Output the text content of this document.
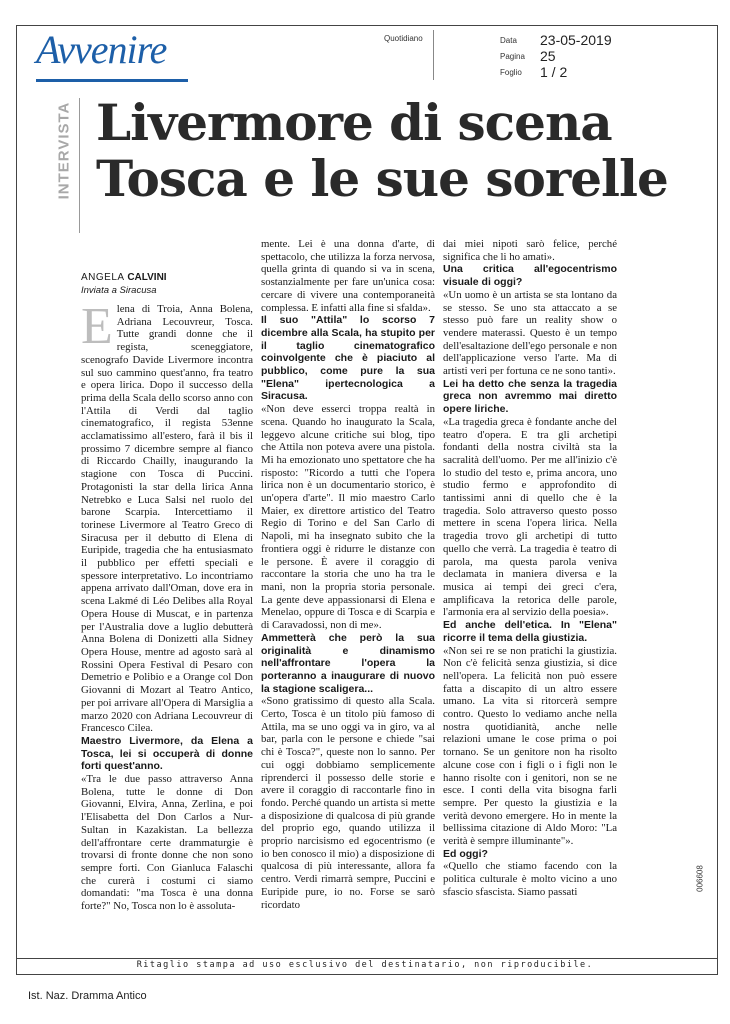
Avvenire	Quotidiano	Data 23-05-2019
Pagina 25
Foglio 1 / 2
INTERVISTA Livermore di scena
Tosca e le sue sorelle
ANGELA CALVINI
Inviata a Siracusa
E lena di Troia, Anna Bolena, Adriana Lecouvreur, Tosca. Tutte grandi donne che il regista, sceneggiatore, scenografo Davide Livermore incontra sul suo cammino quest'anno, fra teatro e opera lirica. Dopo il successo della prima della Scala dello scorso anno con l'Attila di Verdi dal taglio cinematografico, il regista 53enne acclamatissimo all'estero, farà il bis il prossimo 7 dicembre sempre al fianco di Riccardo Chailly, inaugurando la stagione con Tosca di Puccini. Protagonisti la star della lirica Anna Netrebko e Luca Salsi nel ruolo del barone Scarpia. Intercettiamo il torinese Livermore al Teatro Greco di Siracusa per il debutto di Elena di Euripide, tragedia che ha entusiasmato il pubblico per effetti speciali e spessore interpretativo. Lo incontriamo appena arrivato dall'Oman, dove era in scena Lakmé di Léo Delibes alla Royal Opera House di Muscat, e in partenza per l'Australia dove a luglio debutterà Anna Bolena di Donizetti alla Sidney Opera House, mentre ad agosto sarà al Rossini Opera Festival di Pesaro con Demetrio e Polibio e a Orange col Don Giovanni di Mozart al Teatro Antico, per poi arrivare all'Opera di Marsiglia a marzo 2020 con Adriana Lecouvreur di Francesco Cilea.

Maestro Livermore, da Elena a Tosca, lei si occuperà di donne forti quest'anno.

«Tra le due passo attraverso Anna Bolena, tutte le donne di Don Giovanni, Elvira, Anna, Zerlina, e poi l'Elisabetta del Don Carlos a Nur-Sultan in Kazakistan. La bellezza dell'affrontare certe drammaturgie è trovarsi di fronte donne che non sono sempre forti. Con Gianluca Falaschi che curerà i costumi ci siamo domandati: "ma Tosca è una donna forte?" No, Tosca non lo è assoluta-

mente. Lei è una donna d'arte, di spettacolo, che utilizza la forza nervosa, quella grinta di quando si va in scena, sostanzialmente per fare un'unica cosa: cercare di vivere una contemporaneità complessa. E infatti alla fine si sfalda».

Il suo "Attila" lo scorso 7 dicembre alla Scala, ha stupito per il taglio cinematografico coinvolgente che è piaciuto al pubblico, come pure la sua "Elena" ipertecnologica a Siracusa.

«Non deve esserci troppa realtà in scena. Quando ho inaugurato la Scala, leggevo alcune critiche sui blog, tipo che Attila non poteva avere una pistola. Mi ha emozionato uno spettatore che ha risposto: "Ricordo a tutti che l'opera lirica non è un documentario storico, è un'opera d'arte". Il mio maestro Carlo Maier, ex direttore artistico del Teatro Regio di Torino e del San Carlo di Napoli, mi ha insegnato subito che la frontiera oggi è ridurre le distanze con le persone. È avere il coraggio di raccontare la storia che uno ha tra le mani, non la propria storia personale. La gente deve appassionarsi di Elena e Menelao, oppure di Tosca e di Scarpia e di Caravadossi, non di me».

Ammetterà che però la sua originalità e dinamismo nell'affrontare l'opera la porteranno a inaugurare di nuovo la stagione scaligera...

«Sono gratissimo di questo alla Scala. Certo, Tosca è un titolo più famoso di Attila, ma se uno oggi va in giro, va al bar, parla con le persone e chiede "sai chi è Tosca?", queste non lo sanno. Per cui oggi dobbiamo semplicemente riprenderci il possesso delle storie e avere il coraggio di raccontarle fino in fondo. Perché quando un artista si mette a disposizione di qualcosa di più grande del proprio ego, quando utilizza il proprio narcisismo ed egocentrismo (e io ben conosco il mio) a disposizione di qualcosa di più interessante, allora fa centro. Verdi rimarrà sempre, Puccini e Euripide pure, io no. Forse se sarò ricordato

dai miei nipoti sarò felice, perché significa che li ho amati».

Una critica all'egocentrismo visuale di oggi?

«Un uomo è un artista se sta lontano da se stesso. Se uno sta attaccato a se stesso può fare un reality show o vendere materassi. Questo è un tempo dell'esaltazione dell'ego personale e non dell'applicazione verso l'arte. Ma di artisti veri per fortuna ce ne sono tanti».

Lei ha detto che senza la tragedia greca non avremmo mai diretto opere liriche.

«La tragedia greca è fondante anche del teatro d'opera. E tra gli archetipi fondanti della nostra civiltà sta la sacralità dell'uomo. Per me all'inizio c'è lo studio del testo e, prima ancora, uno studio fermo e approfondito di tantissimi anni di quello che è la tragedia. Solo attraverso questo posso mettere in scena l'opera lirica. Nella tragedia trovo gli archetipi di tutto quello che verrà. La tragedia è teatro di parola, ma questa parola veniva declamata in maniera diversa e la musica ai tempi dei greci c'era, amplificava la retorica delle parole, l'armonia era al servizio della poesia».

Ed anche dell'etica. In "Elena" ricorre il tema della giustizia.

«Non sei re se non pratichi la giustizia. Non c'è felicità senza giustizia, si dice nell'opera. La felicità non può essere fatta a discapito di un altro essere umano. La vita si ritorcerà sempre contro. Questo lo vediamo anche nella nostra quotidianità, anche nelle relazioni umane le cose prima o poi tornano. Se un genitore non ha risolto alcune cose con i figli o i figli non le hanno risolte con i genitori, non se ne esce. I conti della vita bisogna farli sempre. Per questo la giustizia e la verità devono emergere. Ho in mente la bellissima citazione di Aldo Moro: "La verità è sempre illuminante"».

Ed oggi?

«Quello che stiamo facendo con la politica culturale è molto vicino a uno sfascio sfascista. Siamo passati	006608
Ritaglio stampa ad uso esclusivo del destinatario, non riproducibile.
Ist. Naz. Dramma Antico
